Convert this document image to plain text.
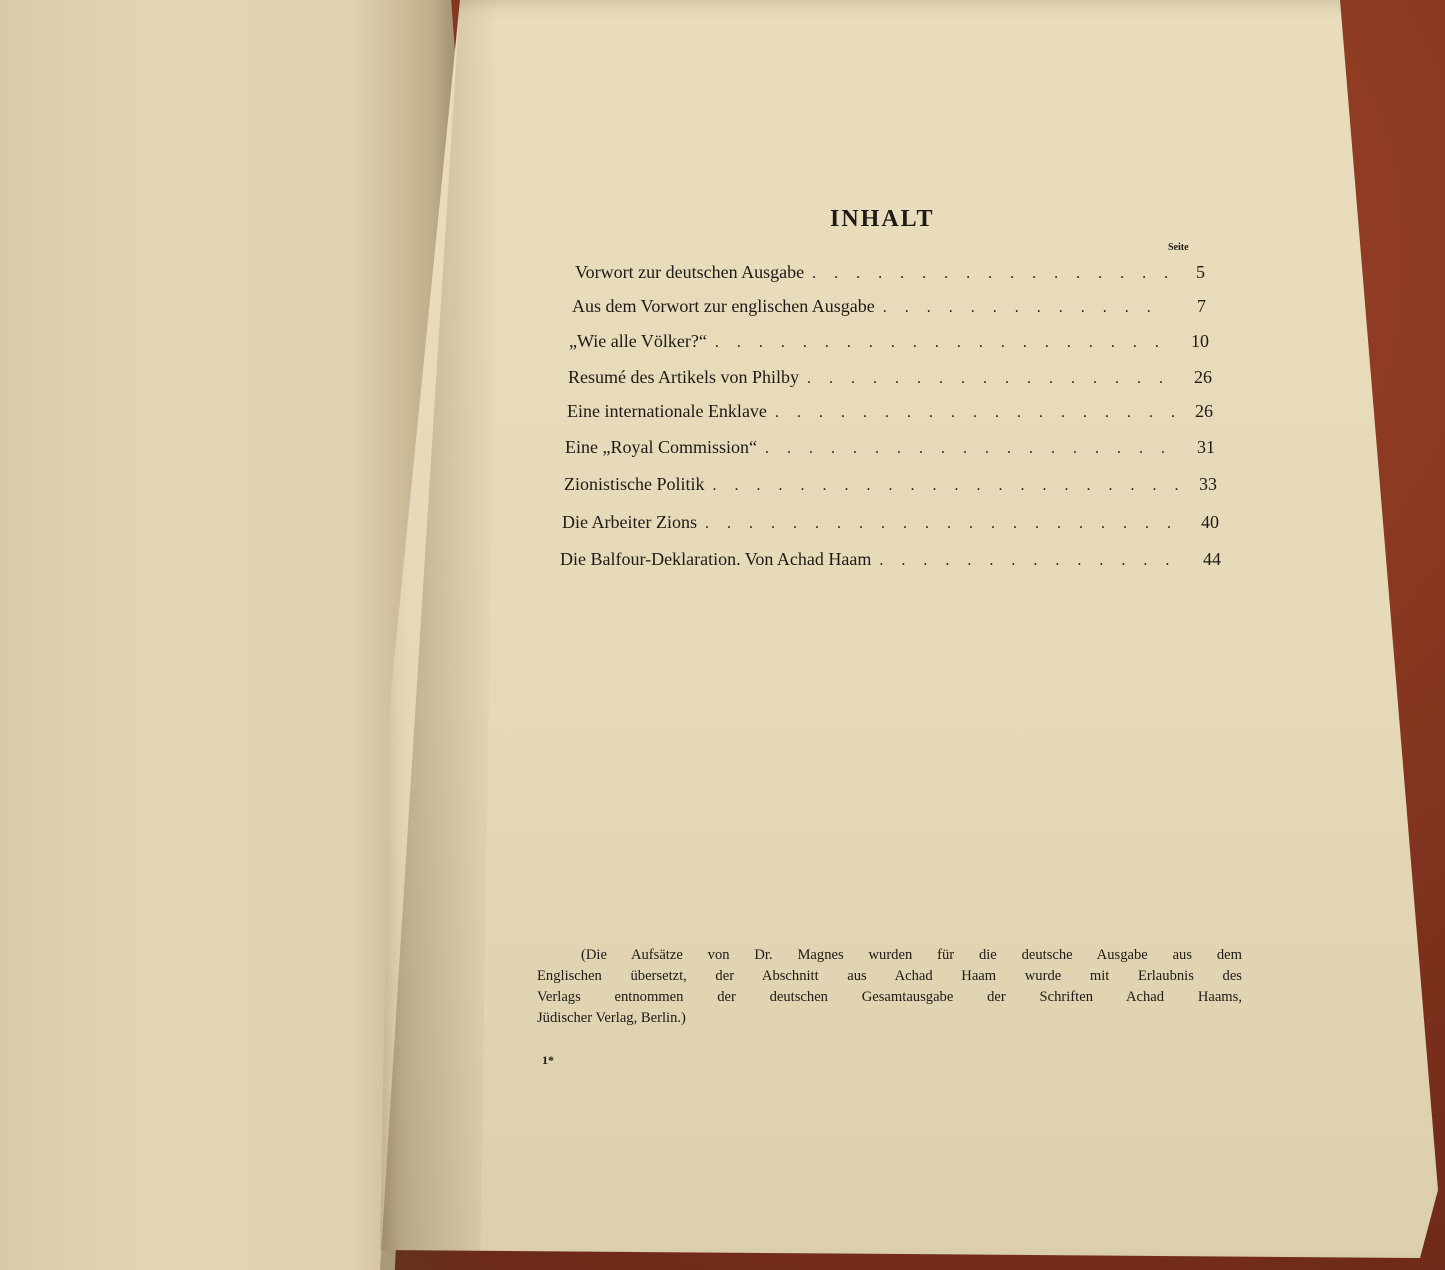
INHALT
Seite
Vorwort zur deutschen Ausgabe . . .	5
Aus dem Vorwort zur englischen Ausgabe . . .	7
„Wie alle Völker?“ . . .	10
Resumé des Artikels von Philby . . .	26
Eine internationale Enklave . . .	26
Eine „Royal Commission“ . . .	31
Zionistische Politik . . .	33
Die Arbeiter Zions . . .	40
Die Balfour-Deklaration. Von Achad Haam . . .	44

(Die Aufsätze von Dr. Magnes wurden für die deutsche Ausgabe aus dem
Englischen übersetzt, der Abschnitt aus Achad Haam wurde mit Erlaubnis des
Verlags entnommen der deutschen Gesamtausgabe der Schriften Achad Haams,
Jüdischer Verlag, Berlin.)

1*
